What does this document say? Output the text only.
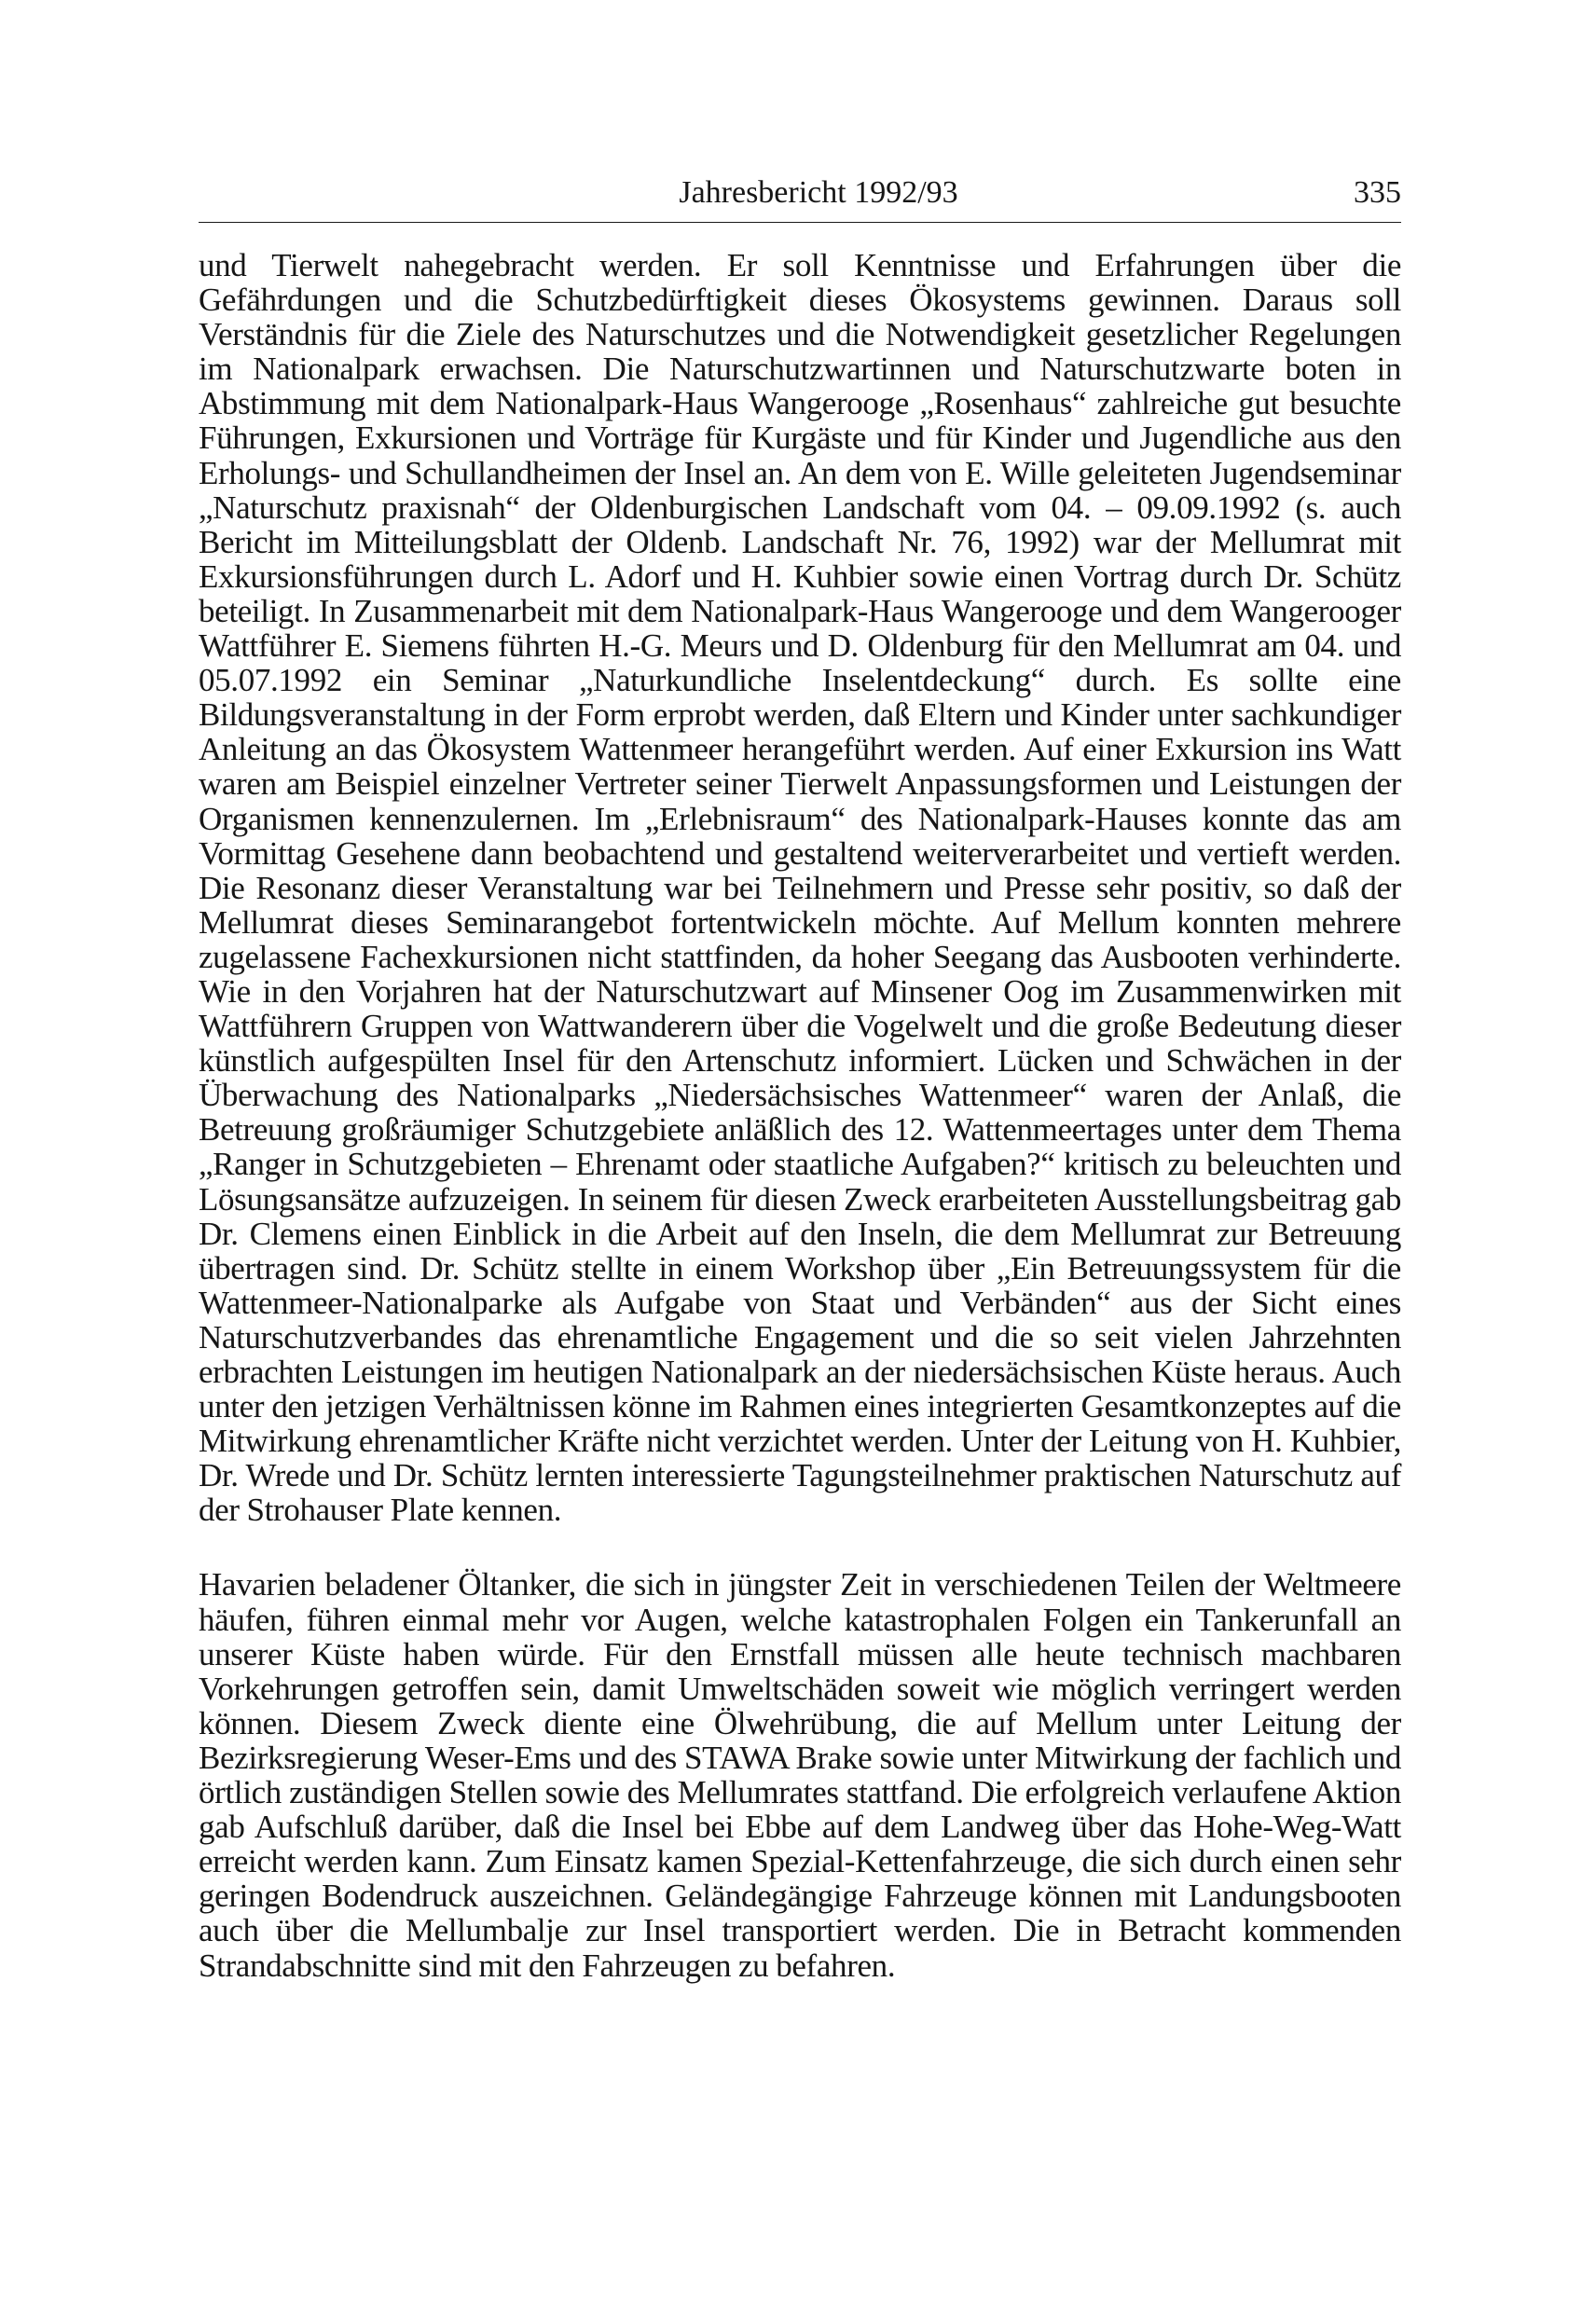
Jahresbericht 1992/93	335

und Tierwelt nahegebracht werden. Er soll Kenntnisse und Erfahrungen über die Gefährdungen und die Schutzbedürftigkeit dieses Ökosystems gewinnen. Daraus soll Verständnis für die Ziele des Naturschutzes und die Notwendigkeit gesetzlicher Regelungen im Nationalpark erwachsen. Die Naturschutzwartinnen und Naturschutzwarte boten in Abstimmung mit dem Nationalpark-Haus Wangerooge „Rosenhaus“ zahlreiche gut besuchte Führungen, Exkursionen und Vorträge für Kurgäste und für Kinder und Jugendliche aus den Erholungs- und Schullandheimen der Insel an. An dem von E. Wille geleiteten Jugendseminar „Naturschutz praxisnah“ der Oldenburgischen Landschaft vom 04. – 09.09.1992 (s. auch Bericht im Mitteilungsblatt der Oldenb. Landschaft Nr. 76, 1992) war der Mellumrat mit Exkursionsführungen durch L. Adorf und H. Kuhbier sowie einen Vortrag durch Dr. Schütz beteiligt. In Zusammenarbeit mit dem Nationalpark-Haus Wangerooge und dem Wangerooger Wattführer E. Siemens führten H.-G. Meurs und D. Oldenburg für den Mellumrat am 04. und 05.07.1992 ein Seminar „Naturkundliche Inselentdeckung“ durch. Es sollte eine Bildungsveranstaltung in der Form erprobt werden, daß Eltern und Kinder unter sachkundiger Anleitung an das Ökosystem Wattenmeer herangeführt werden. Auf einer Exkursion ins Watt waren am Beispiel einzelner Vertreter seiner Tierwelt Anpassungsformen und Leistungen der Organismen kennenzulernen. Im „Erlebnisraum“ des Nationalpark-Hauses konnte das am Vormittag Gesehene dann beobachtend und gestaltend weiterverarbeitet und vertieft werden. Die Resonanz dieser Veranstaltung war bei Teilnehmern und Presse sehr positiv, so daß der Mellumrat dieses Seminarangebot fortentwickeln möchte. Auf Mellum konnten mehrere zugelassene Fachexkursionen nicht stattfinden, da hoher Seegang das Ausbooten verhinderte. Wie in den Vorjahren hat der Naturschutzwart auf Minsener Oog im Zusammenwirken mit Wattführern Gruppen von Wattwanderern über die Vogelwelt und die große Bedeutung dieser künstlich aufgespülten Insel für den Artenschutz informiert. Lücken und Schwächen in der Überwachung des Nationalparks „Niedersächsisches Wattenmeer“ waren der Anlaß, die Betreuung großräumiger Schutzgebiete anläßlich des 12. Wattenmeertages unter dem Thema „Ranger in Schutzgebieten – Ehrenamt oder staatliche Aufgaben?“ kritisch zu beleuchten und Lösungsansätze aufzuzeigen. In seinem für diesen Zweck erarbeiteten Ausstellungsbeitrag gab Dr. Clemens einen Einblick in die Arbeit auf den Inseln, die dem Mellumrat zur Betreuung übertragen sind. Dr. Schütz stellte in einem Workshop über „Ein Betreuungssystem für die Wattenmeer-Nationalparke als Aufgabe von Staat und Verbänden“ aus der Sicht eines Naturschutzverbandes das ehrenamtliche Engagement und die so seit vielen Jahrzehnten erbrachten Leistungen im heutigen Nationalpark an der niedersächsischen Küste heraus. Auch unter den jetzigen Verhältnissen könne im Rahmen eines integrierten Gesamtkonzeptes auf die Mitwirkung ehrenamtlicher Kräfte nicht verzichtet werden. Unter der Leitung von H. Kuhbier, Dr. Wrede und Dr. Schütz lernten interessierte Tagungsteilnehmer praktischen Naturschutz auf der Strohauser Plate kennen.

Havarien beladener Öltanker, die sich in jüngster Zeit in verschiedenen Teilen der Weltmeere häufen, führen einmal mehr vor Augen, welche katastrophalen Folgen ein Tankerunfall an unserer Küste haben würde. Für den Ernstfall müssen alle heute technisch machbaren Vorkehrungen getroffen sein, damit Umweltschäden soweit wie möglich verringert werden können. Diesem Zweck diente eine Ölwehrübung, die auf Mellum unter Leitung der Bezirksregierung Weser-Ems und des STAWA Brake sowie unter Mitwirkung der fachlich und örtlich zuständigen Stellen sowie des Mellumrates stattfand. Die erfolgreich verlaufene Aktion gab Aufschluß darüber, daß die Insel bei Ebbe auf dem Landweg über das Hohe-Weg-Watt erreicht werden kann. Zum Einsatz kamen Spezial-Kettenfahrzeuge, die sich durch einen sehr geringen Bodendruck auszeichnen. Geländegängige Fahrzeuge können mit Landungsbooten auch über die Mellumbalje zur Insel transportiert werden. Die in Betracht kommenden Strandabschnitte sind mit den Fahrzeugen zu befahren.
